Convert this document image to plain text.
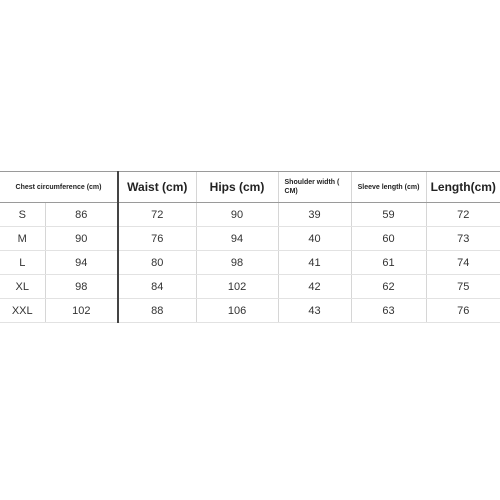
Chest circumference (cm)		Waist (cm)	Hips (cm)	Shoulder width ( CM)	Sleeve length (cm)	Length(cm)
S	86	72	90	39	59	72
M	90	76	94	40	60	73
L	94	80	98	41	61	74
XL	98	84	102	42	62	75
XXL	102	88	106	43	63	76
